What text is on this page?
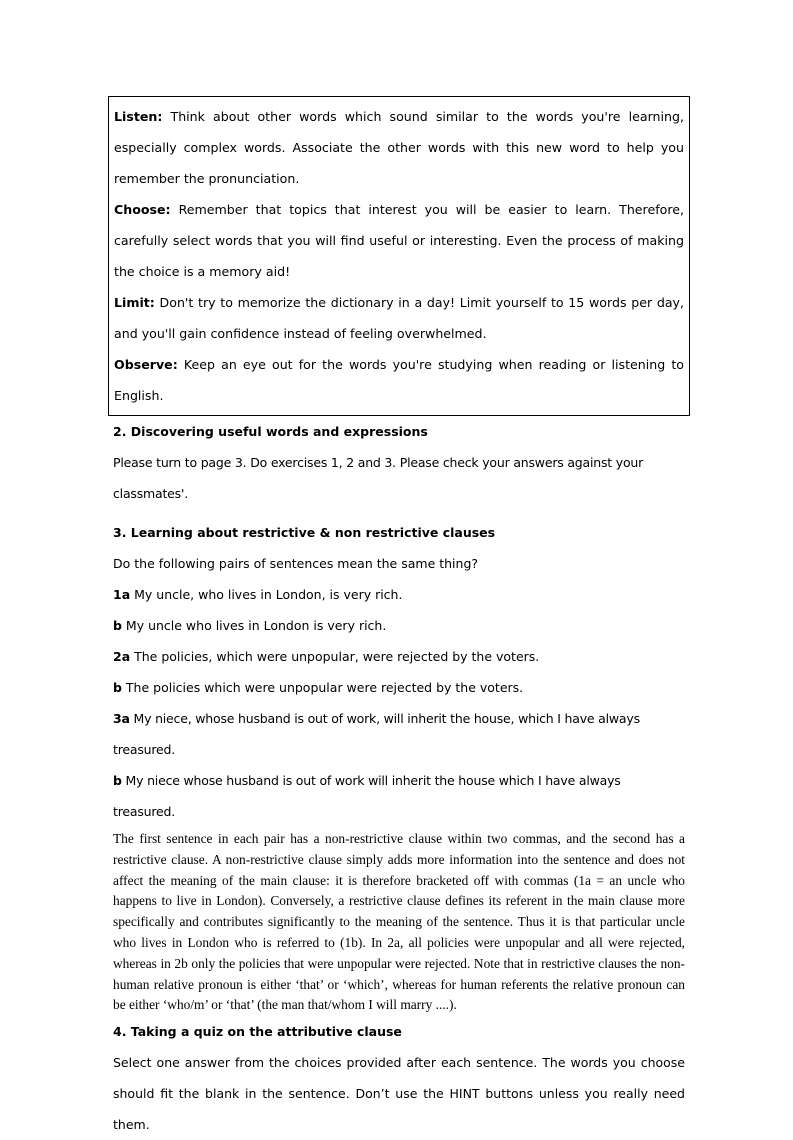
Listen: Think about other words which sound similar to the words you're learning, especially complex words. Associate the other words with this new word to help you remember the pronunciation.

Choose: Remember that topics that interest you will be easier to learn. Therefore, carefully select words that you will find useful or interesting. Even the process of making the choice is a memory aid!

Limit: Don't try to memorize the dictionary in a day! Limit yourself to 15 words per day, and you'll gain confidence instead of feeling overwhelmed.

Observe: Keep an eye out for the words you're studying when reading or listening to English.

2. Discovering useful words and expressions

Please turn to page 3. Do exercises 1, 2 and 3. Please check your answers against your classmates'.

3. Learning about restrictive & non restrictive clauses

Do the following pairs of sentences mean the same thing?

1a My uncle, who lives in London, is very rich.

b My uncle who lives in London is very rich.

2a The policies, which were unpopular, were rejected by the voters.

b The policies which were unpopular were rejected by the voters.

3a My niece, whose husband is out of work, will inherit the house, which I have always treasured.

b My niece whose husband is out of work will inherit the house which I have always treasured.

The first sentence in each pair has a non-restrictive clause within two commas, and the second has a restrictive clause. A non-restrictive clause simply adds more information into the sentence and does not affect the meaning of the main clause: it is therefore bracketed off with commas (1a = an uncle who happens to live in London). Conversely, a restrictive clause defines its referent in the main clause more specifically and contributes significantly to the meaning of the sentence. Thus it is that particular uncle who lives in London who is referred to (1b). In 2a, all policies were unpopular and all were rejected, whereas in 2b only the policies that were unpopular were rejected. Note that in restrictive clauses the non-human relative pronoun is either ‘that’ or ‘which’, whereas for human referents the relative pronoun can be either ‘who/m’ or ‘that’ (the man that/whom I will marry ....).

4. Taking a quiz on the attributive clause

Select one answer from the choices provided after each sentence. The words you choose should fit the blank in the sentence. Don’t use the HINT buttons unless you really need them.
